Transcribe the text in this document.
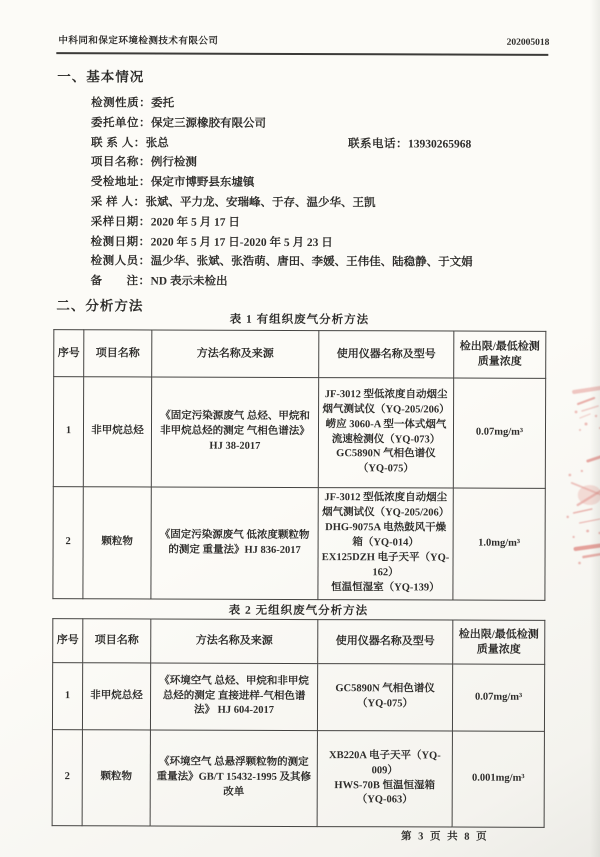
中科同和保定环境检测技术有限公司	202005018
一、基本情况
检测性质：委托
委托单位：保定三源橡胶有限公司
联 系 人：张总	联系电话：13930265968
项目名称：例行检测
受检地址：保定市博野县东墟镇
采 样 人：张斌、平力龙、安瑞峰、于存、温少华、王凯
采样日期：2020 年 5 月 17 日
检测日期：2020 年 5 月 17 日-2020 年 5 月 23 日
检测人员：温少华、张斌、张浩萌、唐田、李媛、王伟佳、陆稳静、于文娟
备　　注：ND 表示未检出
二、分析方法
表 1 有组织废气分析方法
序号	项目名称	方法名称及来源	使用仪器名称及型号	检出限/最低检测质量浓度
1	非甲烷总烃	《固定污染源废气 总烃、甲烷和非甲烷总烃的测定 气相色谱法》HJ 38-2017	JF-3012 型低浓度自动烟尘烟气测试仪（YQ-205/206）崂应 3060-A 型一体式烟气流速检测仪（YQ-073）GC5890N 气相色谱仪（YQ-075）	0.07mg/m³
2	颗粒物	《固定污染源废气 低浓度颗粒物的测定 重量法》HJ 836-2017	JF-3012 型低浓度自动烟尘烟气测试仪（YQ-205/206）
DHG-9075A 电热鼓风干燥箱（YQ-014）
EX125DZH 电子天平（YQ-162）
恒温恒湿室（YQ-139）	1.0mg/m³
表 2 无组织废气分析方法
序号	项目名称	方法名称及来源	使用仪器名称及型号	检出限/最低检测质量浓度
1	非甲烷总烃	《环境空气 总烃、甲烷和非甲烷总烃的测定 直接进样-气相色谱法》 HJ 604-2017	GC5890N 气相色谱仪（YQ-075）	0.07mg/m³
2	颗粒物	《环境空气 总悬浮颗粒物的测定 重量法》GB/T 15432-1995 及其修改单	XB220A 电子天平（YQ-009）
HWS-70B 恒温恒湿箱（YQ-063）	0.001mg/m³
第 3 页 共 8 页
